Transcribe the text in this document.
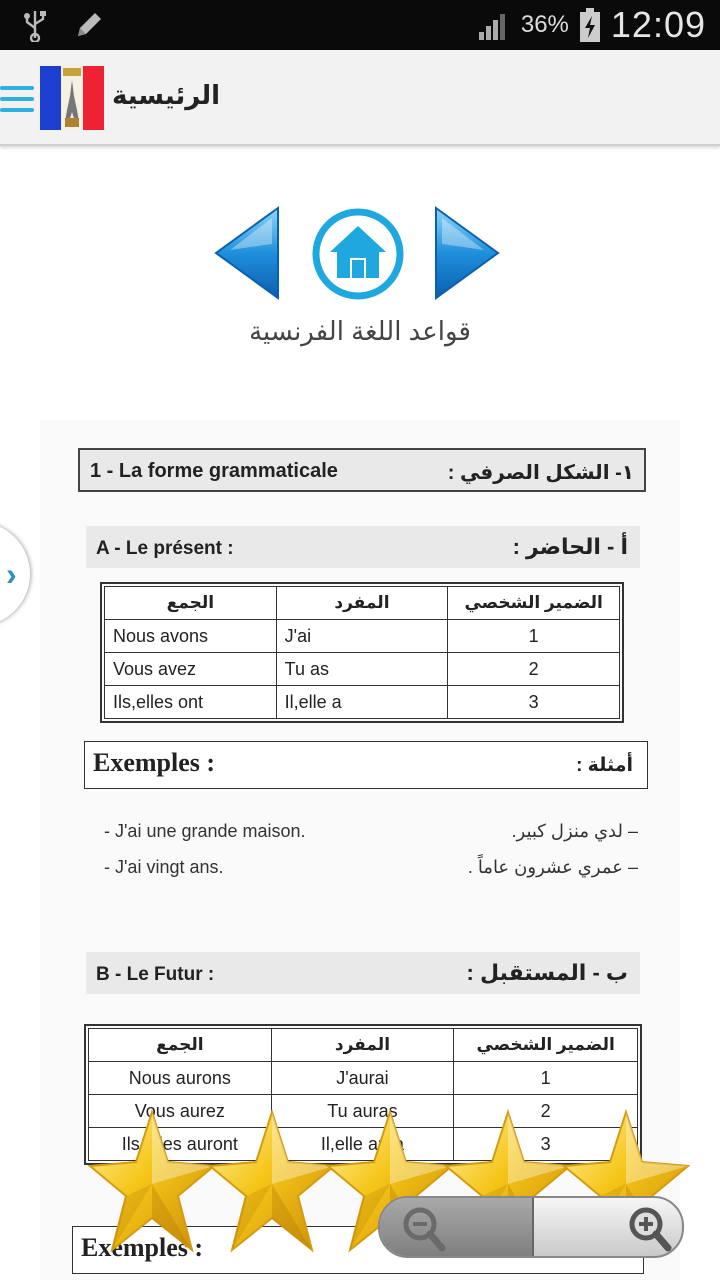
36% 12:09
الرئيسية
قواعد اللغة الفرنسية
1 - La forme grammaticale	١- الشكل الصرفي :
A - Le présent :	أ - الحاضر :
الجمع	المفرد	الضمير الشخصي
Nous avons	J'ai	1
Vous avez	Tu as	2
Ils,elles ont	Il,elle a	3
Exemples :	أمثلة :
- J'ai une grande maison.	– لدي منزل كبير.
- J'ai vingt ans.	– عمري عشرون عاماً .
B - Le Futur :	ب - المستقبل :
الجمع	المفرد	الضمير الشخصي
Nous aurons	J'aurai	1
Vous aurez	Tu auras	2
Ils,elles auront	Il,elle aura	3
Exemples :
›
